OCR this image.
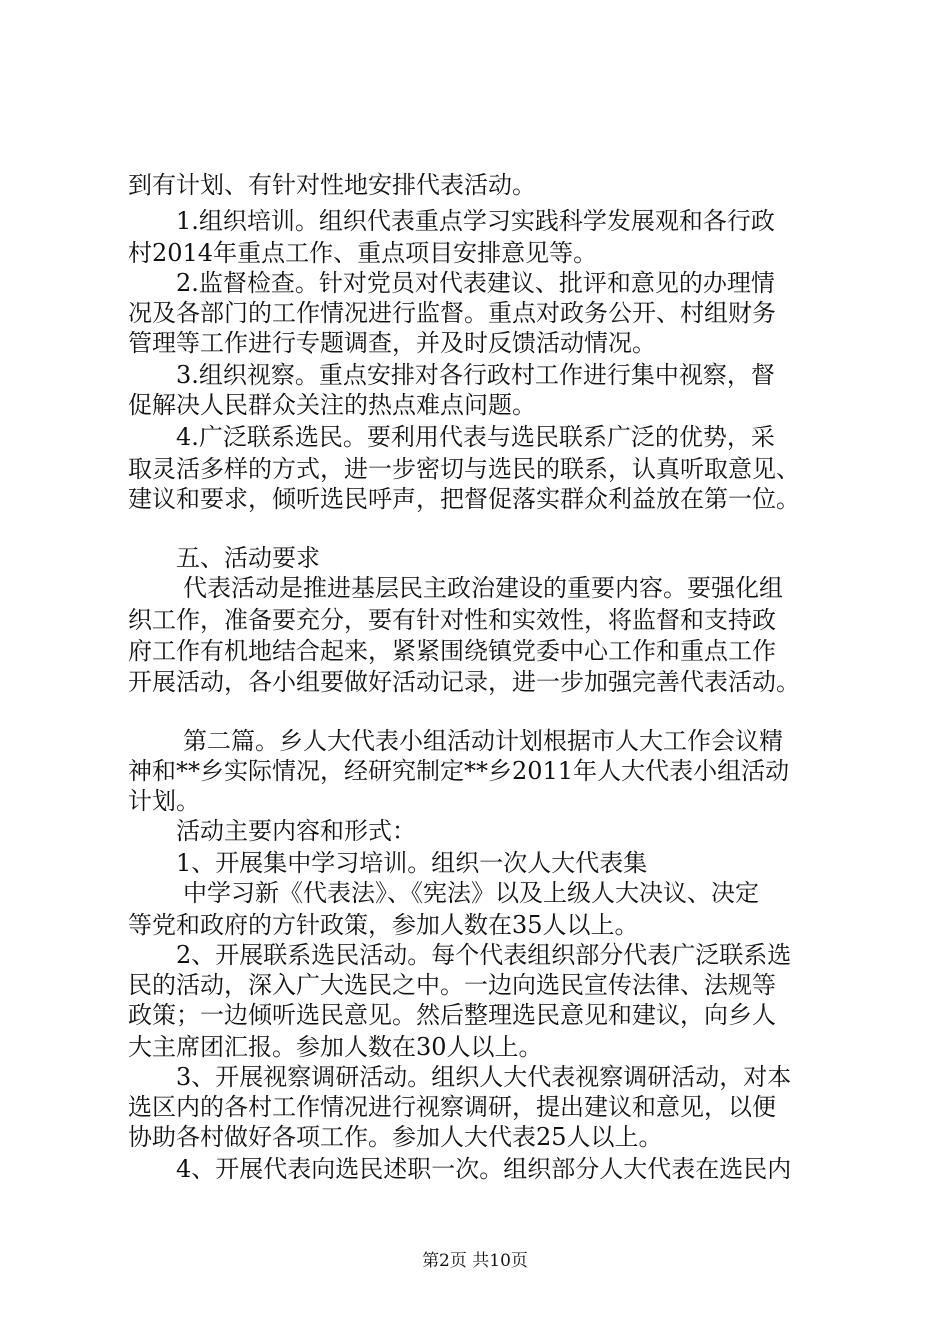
到有计划、有针对性地安排代表活动。
1.组织培训。组织代表重点学习实践科学发展观和各行政
村2014年重点工作、重点项目安排意见等。
2.监督检查。针对党员对代表建议、批评和意见的办理情
况及各部门的工作情况进行监督。重点对政务公开、村组财务
管理等工作进行专题调查，并及时反馈活动情况。
3.组织视察。重点安排对各行政村工作进行集中视察，督
促解决人民群众关注的热点难点问题。
4.广泛联系选民。要利用代表与选民联系广泛的优势，采
取灵活多样的方式，进一步密切与选民的联系，认真听取意见、
建议和要求，倾听选民呼声，把督促落实群众利益放在第一位。
五、活动要求
代表活动是推进基层民主政治建设的重要内容。要强化组
织工作，准备要充分，要有针对性和实效性，将监督和支持政
府工作有机地结合起来，紧紧围绕镇党委中心工作和重点工作
开展活动，各小组要做好活动记录，进一步加强完善代表活动。
第二篇。乡人大代表小组活动计划根据市人大工作会议精
神和**乡实际情况，经研究制定**乡2011年人大代表小组活动
计划。
活动主要内容和形式：
1、开展集中学习培训。组织一次人大代表集
中学习新《代表法》、《宪法》以及上级人大决议、决定
等党和政府的方针政策，参加人数在35人以上。
2、开展联系选民活动。每个代表组织部分代表广泛联系选
民的活动，深入广大选民之中。一边向选民宣传法律、法规等
政策；一边倾听选民意见。然后整理选民意见和建议，向乡人
大主席团汇报。参加人数在30人以上。
3、开展视察调研活动。组织人大代表视察调研活动，对本
选区内的各村工作情况进行视察调研，提出建议和意见，以便
协助各村做好各项工作。参加人大代表25人以上。
4、开展代表向选民述职一次。组织部分人大代表在选民内
第2页 共10页
